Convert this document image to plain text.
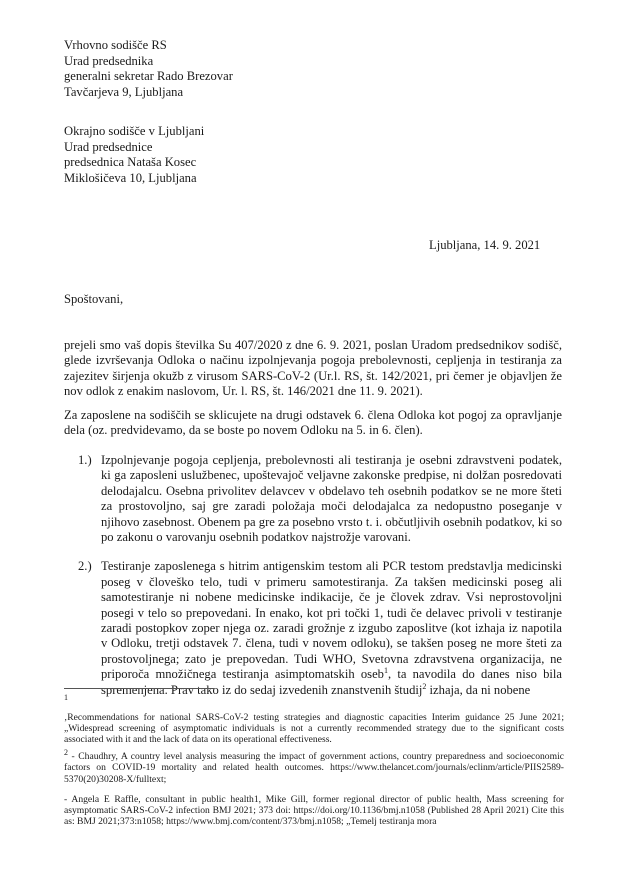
Vrhovno sodišče RS
Urad predsednika
generalni sekretar Rado Brezovar
Tavčarjeva 9, Ljubljana
Okrajno sodišče v Ljubljani
Urad predsednice
predsednica Nataša Kosec
Miklošičeva 10, Ljubljana
Ljubljana, 14. 9. 2021
Spoštovani,

prejeli smo vaš dopis številka Su 407/2020 z dne 6. 9. 2021, poslan Uradom predsednikov sodišč, glede izvrševanja Odloka o načinu izpolnjevanja pogoja prebolevnosti, cepljenja in testiranja za zajezitev širjenja okužb z virusom SARS-CoV-2 (Ur.l. RS, št. 142/2021, pri čemer je objavljen že nov odlok z enakim naslovom, Ur. l. RS, št. 146/2021 dne 11. 9. 2021).

Za zaposlene na sodiščih se sklicujete na drugi odstavek 6. člena Odloka kot pogoj za opravljanje dela (oz. predvidevamo, da se boste po novem Odloku na 5. in 6. člen).

1.) Izpolnjevanje pogoja cepljenja, prebolevnosti ali testiranja je osebni zdravstveni podatek, ki ga zaposleni uslužbenec, upoštevajoč veljavne zakonske predpise, ni dolžan posredovati delodajalcu. Osebna privolitev delavcev v obdelavo teh osebnih podatkov se ne more šteti za prostovoljno, saj gre zaradi položaja moči delodajalca za nedopustno poseganje v njihovo zasebnost. Obenem pa gre za posebno vrsto t. i. občutljivih osebnih podatkov, ki so po zakonu o varovanju osebnih podatkov najstrožje varovani.
2.) Testiranje zaposlenega s hitrim antigenskim testom ali PCR testom predstavlja medicinski poseg v človeško telo, tudi v primeru samotestiranja. Za takšen medicinski poseg ali samotestiranje ni nobene medicinske indikacije, če je človek zdrav. Vsi neprostovoljni posegi v telo so prepovedani. In enako, kot pri točki 1, tudi če delavec privoli v testiranje zaradi postopkov zoper njega oz. zaradi grožnje z izgubo zaposlitve (kot izhaja iz napotila v Odloku, tretji odstavek 7. člena, tudi v novem odloku), se takšen poseg ne more šteti za prostovoljnega; zato je prepovedan. Tudi WHO, Svetovna zdravstvena organizacija, ne priporoča množičnega testiranja asimptomatskih oseb$^1$, ta navodila do danes niso bila spremenjena. Prav tako iz do sedaj izvedenih znanstvenih študij$^2$ izhaja, da ni nobene
1

‚Recommendations for national SARS-CoV-2 testing strategies and diagnostic capacities Interim guidance 25 June 2021; „Widespread screening of asymptomatic individuals is not a currently recommended strategy due to the significant costs associated with it and the lack of data on its operational effectiveness.

$^2$ - Chaudhry, A country level analysis measuring the impact of government actions, country preparedness and socioeconomic factors on COVID-19 mortality and related health outcomes. https://www.thelancet.com/journals/eclinm/article/PIIS2589-5370(20)30208-X/fulltext;

- Angela E Raffle, consultant in public health1, Mike Gill, former regional director of public health, Mass screening for asymptomatic SARS-CoV-2 infection BMJ 2021; 373 doi: https://doi.org/10.1136/bmj.n1058 (Published 28 April 2021) Cite this as: BMJ 2021;373:n1058; https://www.bmj.com/content/373/bmj.n1058; „Temelj testiranja mora
